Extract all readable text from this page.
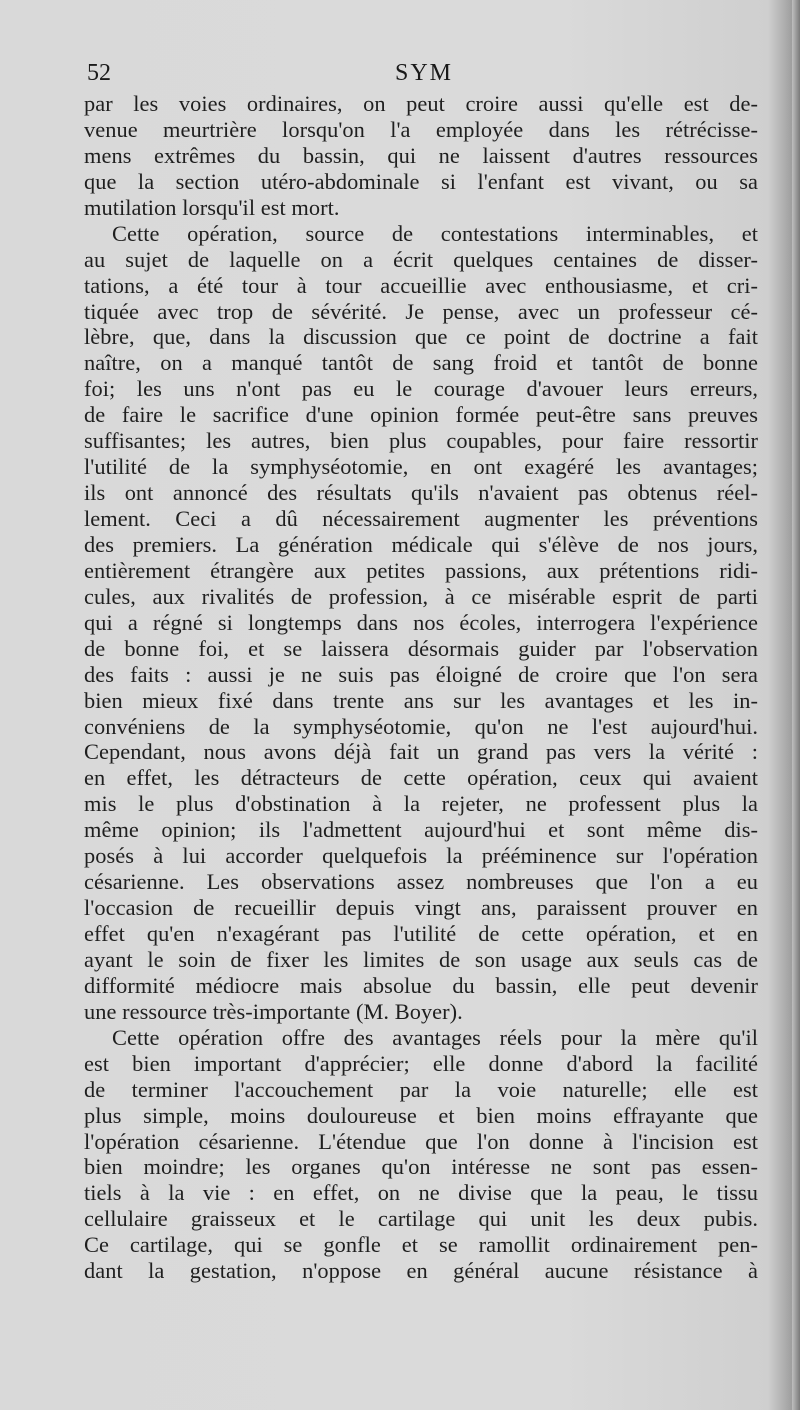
52	SYM
par les voies ordinaires, on peut croire aussi qu'elle est de-
venue meurtrière lorsqu'on l'a employée dans les rétrécisse-
mens extrêmes du bassin, qui ne laissent d'autres ressources
que la section utéro-abdominale si l'enfant est vivant, ou sa
mutilation lorsqu'il est mort.
Cette opération, source de contestations interminables, et
au sujet de laquelle on a écrit quelques centaines de disser-
tations, a été tour à tour accueillie avec enthousiasme, et cri-
tiquée avec trop de sévérité. Je pense, avec un professeur cé-
lèbre, que, dans la discussion que ce point de doctrine a fait
naître, on a manqué tantôt de sang froid et tantôt de bonne
foi; les uns n'ont pas eu le courage d'avouer leurs erreurs,
de faire le sacrifice d'une opinion formée peut-être sans preuves
suffisantes; les autres, bien plus coupables, pour faire ressortir
l'utilité de la symphyséotomie, en ont exagéré les avantages;
ils ont annoncé des résultats qu'ils n'avaient pas obtenus réel-
lement. Ceci a dû nécessairement augmenter les préventions
des premiers. La génération médicale qui s'élève de nos jours,
entièrement étrangère aux petites passions, aux prétentions ridi-
cules, aux rivalités de profession, à ce misérable esprit de parti
qui a régné si longtemps dans nos écoles, interrogera l'expérience
de bonne foi, et se laissera désormais guider par l'observation
des faits : aussi je ne suis pas éloigné de croire que l'on sera
bien mieux fixé dans trente ans sur les avantages et les in-
convéniens de la symphyséotomie, qu'on ne l'est aujourd'hui.
Cependant, nous avons déjà fait un grand pas vers la vérité :
en effet, les détracteurs de cette opération, ceux qui avaient
mis le plus d'obstination à la rejeter, ne professent plus la
même opinion; ils l'admettent aujourd'hui et sont même dis-
posés à lui accorder quelquefois la prééminence sur l'opération
césarienne. Les observations assez nombreuses que l'on a eu
l'occasion de recueillir depuis vingt ans, paraissent prouver en
effet qu'en n'exagérant pas l'utilité de cette opération, et en
ayant le soin de fixer les limites de son usage aux seuls cas de
difformité médiocre mais absolue du bassin, elle peut devenir
une ressource très-importante (M. Boyer).
Cette opération offre des avantages réels pour la mère qu'il
est bien important d'apprécier; elle donne d'abord la facilité
de terminer l'accouchement par la voie naturelle; elle est
plus simple, moins douloureuse et bien moins effrayante que
l'opération césarienne. L'étendue que l'on donne à l'incision est
bien moindre; les organes qu'on intéresse ne sont pas essen-
tiels à la vie : en effet, on ne divise que la peau, le tissu
cellulaire graisseux et le cartilage qui unit les deux pubis.
Ce cartilage, qui se gonfle et se ramollit ordinairement pen-
dant la gestation, n'oppose en général aucune résistance à
